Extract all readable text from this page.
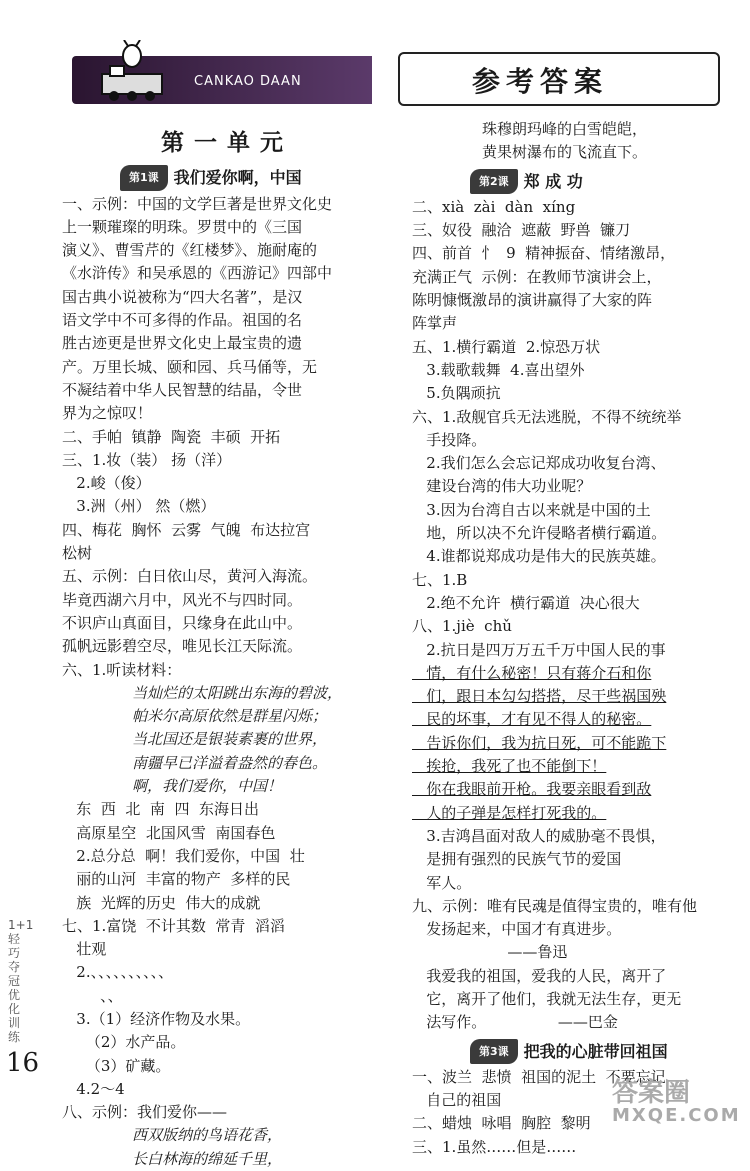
CANKAO DAAN	参考答案
第一单元
第1课 我们爱你啊，中国
一、示例：中国的文学巨著是世界文化史
上一颗璀璨的明珠。罗贯中的《三国
演义》、曹雪芹的《红楼梦》、施耐庵的
《水浒传》和吴承恩的《西游记》四部中
国古典小说被称为“四大名著”，是汉
语文学中不可多得的作品。祖国的名
胜古迹更是世界文化史上最宝贵的遗
产。万里长城、颐和园、兵马俑等，无
不凝结着中华人民智慧的结晶，令世
界为之惊叹！
二、手帕  镇静  陶瓷  丰硕  开拓
三、1.妆（装） 扬（洋）
2.峻（俊）
3.洲（州） 然（燃）
四、梅花  胸怀  云雾  气魄  布达拉宫
松树
五、示例：白日依山尽，黄河入海流。
毕竟西湖六月中，风光不与四时同。
不识庐山真面目，只缘身在此山中。
孤帆远影碧空尽，唯见长江天际流。
六、1.听读材料：
当灿烂的太阳跳出东海的碧波，
帕米尔高原依然是群星闪烁；
当北国还是银装素裹的世界，
南疆早已洋溢着盎然的春色。
啊，我们爱你，中国！
东  西  北  南  四  东海日出
高原星空  北国风雪  南国春色
2.总分总  啊！我们爱你，中国  壮
丽的山河  丰富的物产  多样的民
族  光辉的历史  伟大的成就
七、1.富饶  不计其数  常青  滔滔
壮观
2.、、、、、、、、、、
、、
3.（1）经济作物及水果。
（2）水产品。
（3）矿藏。
4.2～4
八、示例：我们爱你——
西双版纳的鸟语花香，
长白林海的绵延千里，
珠穆朗玛峰的白雪皑皑，
黄果树瀑布的飞流直下。
第2课 郑 成 功
二、xià  zài  dàn  xíng
三、奴役  融洽  遮蔽  野兽  镰刀
四、前首  忄  9  精神振奋、情绪激昂，
充满正气  示例：在教师节演讲会上，
陈明慷慨激昂的演讲赢得了大家的阵
阵掌声
五、1.横行霸道  2.惊恐万状
3.载歌载舞  4.喜出望外
5.负隅顽抗
六、1.敌舰官兵无法逃脱，不得不统统举
手投降。
2.我们怎么会忘记郑成功收复台湾、
建设台湾的伟大功业呢？
3.因为台湾自古以来就是中国的土
地，所以决不允许侵略者横行霸道。
4.谁都说郑成功是伟大的民族英雄。
七、1.B
2.绝不允许  横行霸道  决心很大
八、1.jiè  chǔ
2.抗日是四万万五千万中国人民的事
情，有什么秘密！只有蒋介石和你
们，跟日本勾勾搭搭，尽干些祸国殃
民的坏事，才有见不得人的秘密。
告诉你们，我为抗日死，可不能跪下
挨抢，我死了也不能倒下！
你在我眼前开枪。我要亲眼看到敌
人的子弹是怎样打死我的。
3.吉鸿昌面对敌人的威胁毫不畏惧，
是拥有强烈的民族气节的爱国
军人。
九、示例：唯有民魂是值得宝贵的，唯有他
发扬起来，中国才有真进步。
——鲁迅
我爱我的祖国，爱我的人民，离开了
它，离开了他们，我就无法生存，更无
法写作。               ——巴金
第3课 把我的心脏带回祖国
一、波兰  悲愤  祖国的泥土  不要忘记
自己的祖国
二、蜡烛  咏唱  胸腔  黎明
三、1.虽然……但是……
1+1轻巧夺冠优化训练
16
答案圈
MXQE.COM
